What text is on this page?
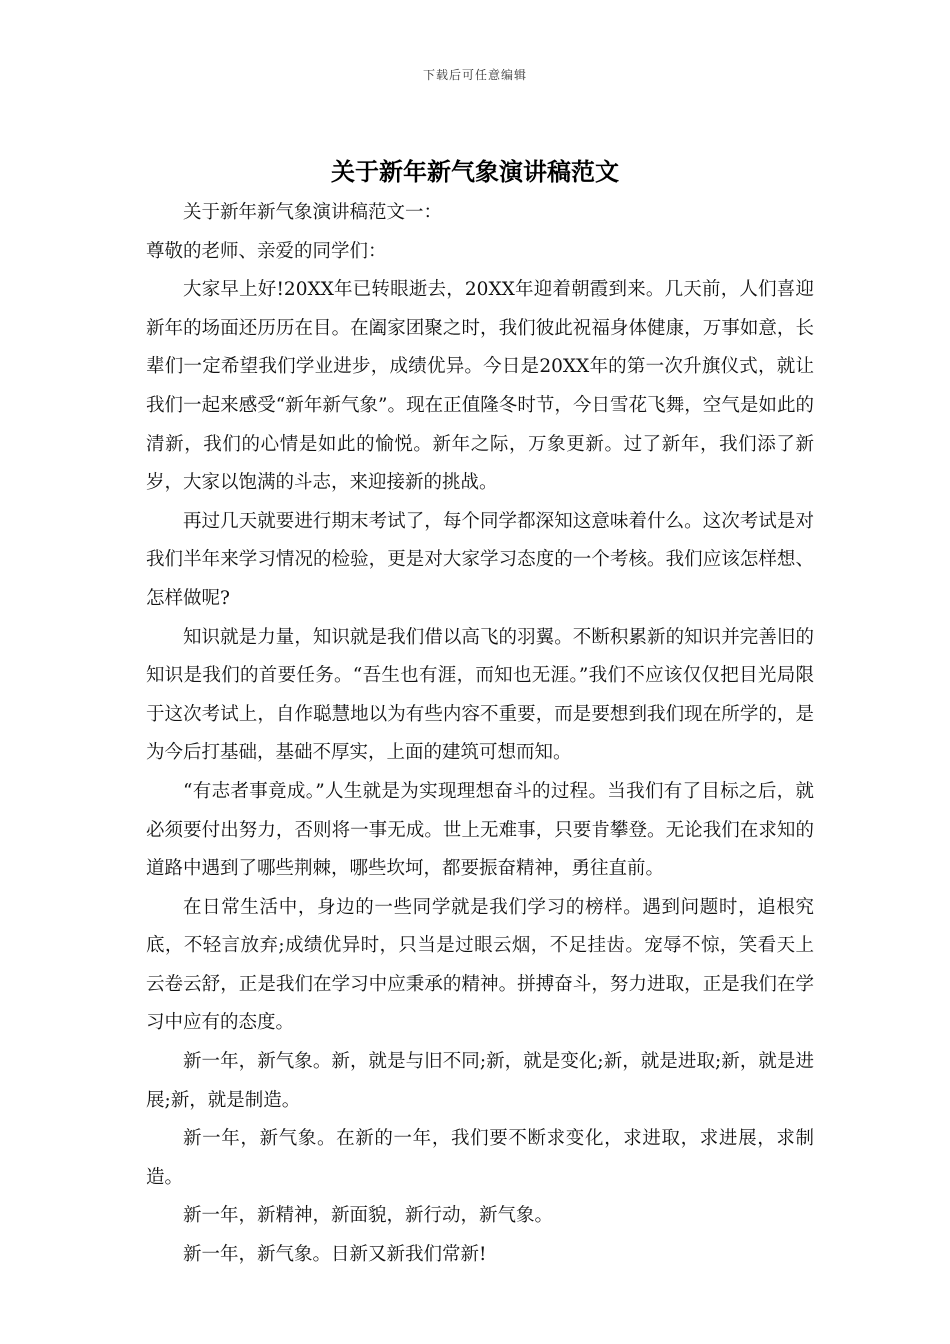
下载后可任意编辑
关于新年新气象演讲稿范文

关于新年新气象演讲稿范文一：

尊敬的老师、亲爱的同学们：

大家早上好!20XX年已转眼逝去，20XX年迎着朝霞到来。几天前，人们喜迎新年的场面还历历在目。在阖家团聚之时，我们彼此祝福身体健康，万事如意，长辈们一定希望我们学业进步，成绩优异。今日是20XX年的第一次升旗仪式，就让我们一起来感受“新年新气象”。现在正值隆冬时节，今日雪花飞舞，空气是如此的清新，我们的心情是如此的愉悦。新年之际，万象更新。过了新年，我们添了新岁，大家以饱满的斗志，来迎接新的挑战。

再过几天就要进行期末考试了，每个同学都深知这意味着什么。这次考试是对我们半年来学习情况的检验，更是对大家学习态度的一个考核。我们应该怎样想、怎样做呢?

知识就是力量，知识就是我们借以高飞的羽翼。不断积累新的知识并完善旧的知识是我们的首要任务。“吾生也有涯，而知也无涯。”我们不应该仅仅把目光局限于这次考试上，自作聪慧地以为有些内容不重要，而是要想到我们现在所学的，是为今后打基础，基础不厚实，上面的建筑可想而知。

“有志者事竟成。”人生就是为实现理想奋斗的过程。当我们有了目标之后，就必须要付出努力，否则将一事无成。世上无难事，只要肯攀登。无论我们在求知的道路中遇到了哪些荆棘，哪些坎坷，都要振奋精神，勇往直前。

在日常生活中，身边的一些同学就是我们学习的榜样。遇到问题时，追根究底，不轻言放弃;成绩优异时，只当是过眼云烟，不足挂齿。宠辱不惊，笑看天上云卷云舒，正是我们在学习中应秉承的精神。拼搏奋斗，努力进取，正是我们在学习中应有的态度。

新一年，新气象。新，就是与旧不同;新，就是变化;新，就是进取;新，就是进展;新，就是制造。

新一年，新气象。在新的一年，我们要不断求变化，求进取，求进展，求制造。

新一年，新精神，新面貌，新行动，新气象。

新一年，新气象。日新又新我们常新!
